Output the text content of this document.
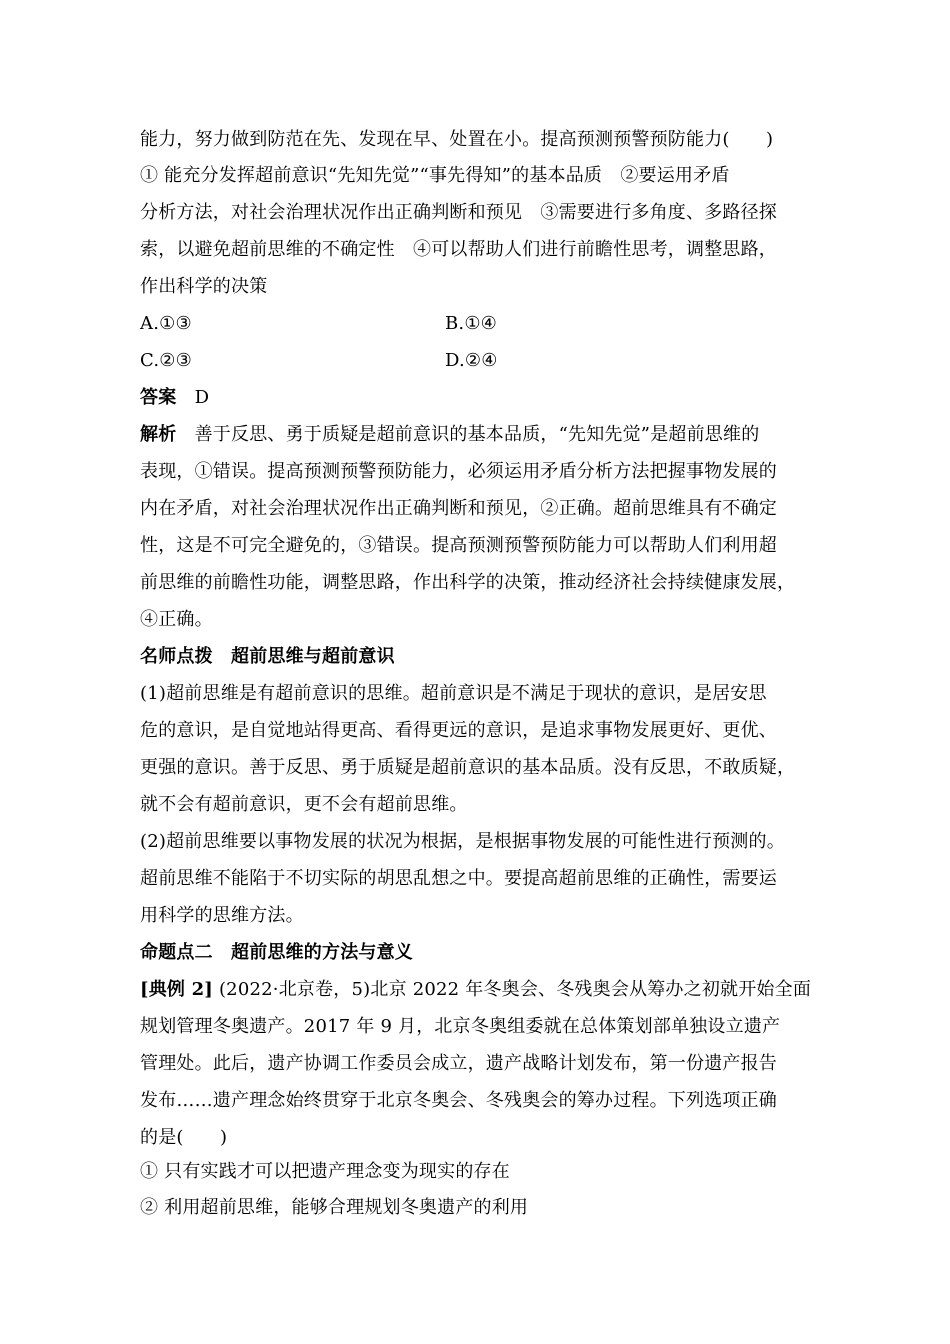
能力，努力做到防范在先、发现在早、处置在小。提高预测预警预防能力(　　)
① 能充分发挥超前意识“先知先觉”“事先得知”的基本品质　②要运用矛盾
分析方法，对社会治理状况作出正确判断和预见　③需要进行多角度、多路径探
索，以避免超前思维的不确定性　④可以帮助人们进行前瞻性思考，调整思路，
作出科学的决策
A.①③	B.①④
C.②③	D.②④
答案　 D
解析　 善于反思、勇于质疑是超前意识的基本品质，“先知先觉”是超前思维的
表现，①错误。提高预测预警预防能力，必须运用矛盾分析方法把握事物发展的
内在矛盾，对社会治理状况作出正确判断和预见，②正确。超前思维具有不确定
性，这是不可完全避免的，③错误。提高预测预警预防能力可以帮助人们利用超
前思维的前瞻性功能，调整思路，作出科学的决策，推动经济社会持续健康发展，
④正确。
名师点拨　超前思维与超前意识
(1)超前思维是有超前意识的思维。超前意识是不满足于现状的意识，是居安思
危的意识，是自觉地站得更高、看得更远的意识，是追求事物发展更好、更优、
更强的意识。善于反思、勇于质疑是超前意识的基本品质。没有反思，不敢质疑，
就不会有超前意识，更不会有超前思维。
(2)超前思维要以事物发展的状况为根据，是根据事物发展的可能性进行预测的。
超前思维不能陷于不切实际的胡思乱想之中。要提高超前思维的正确性，需要运
用科学的思维方法。
命题点二　超前思维的方法与意义
[典例 2] (2022·北京卷，5)北京 2022 年冬奥会、冬残奥会从筹办之初就开始全面
规划管理冬奥遗产。2017 年 9 月，北京冬奥组委就在总体策划部单独设立遗产
管理处。此后，遗产协调工作委员会成立，遗产战略计划发布，第一份遗产报告
发布……遗产理念始终贯穿于北京冬奥会、冬残奥会的筹办过程。下列选项正确
的是(　　)
① 只有实践才可以把遗产理念变为现实的存在
② 利用超前思维，能够合理规划冬奥遗产的利用
